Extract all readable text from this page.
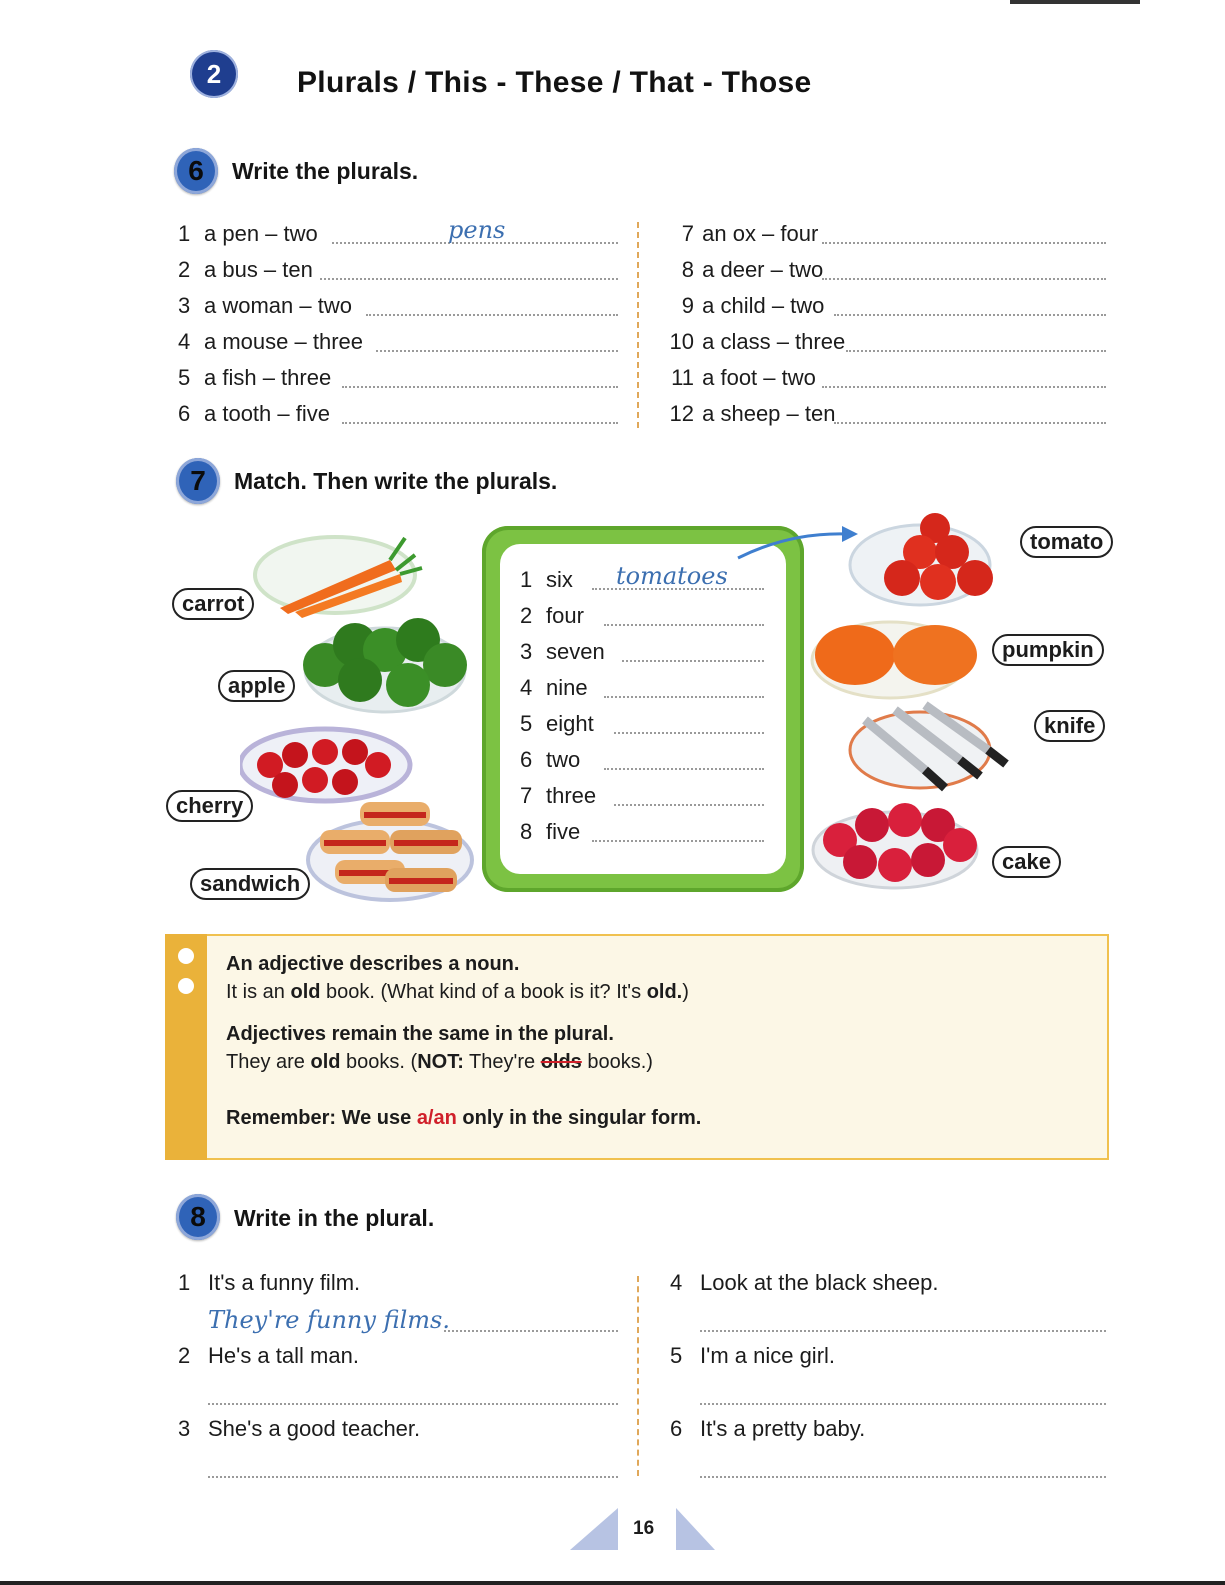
2	Plurals / This - These / That - Those
6	Write the plurals.
1 a pen – two	pens
2 a bus – ten
3 a woman – two
4 a mouse – three
5 a fish – three
6 a tooth – five
7 an ox – four
8 a deer – two
9 a child – two
10 a class – three
11 a foot – two
12 a sheep – ten
7	Match. Then write the plurals.
carrot
apple
cherry
sandwich
1 six tomatoes
2 four
3 seven
4 nine
5 eight
6 two
7 three
8 five
tomato
pumpkin
knife
cake
An adjective describes a noun.
It is an old book. (What kind of a book is it? It's old.)
Adjectives remain the same in the plural.
They are old books. (NOT: They're olds books.)
Remember: We use a/an only in the singular form.
8	Write in the plural.
1 It's a funny film.
They're funny films.
2 He's a tall man.
3 She's a good teacher.
4 Look at the black sheep.
5 I'm a nice girl.
6 It's a pretty baby.
16
